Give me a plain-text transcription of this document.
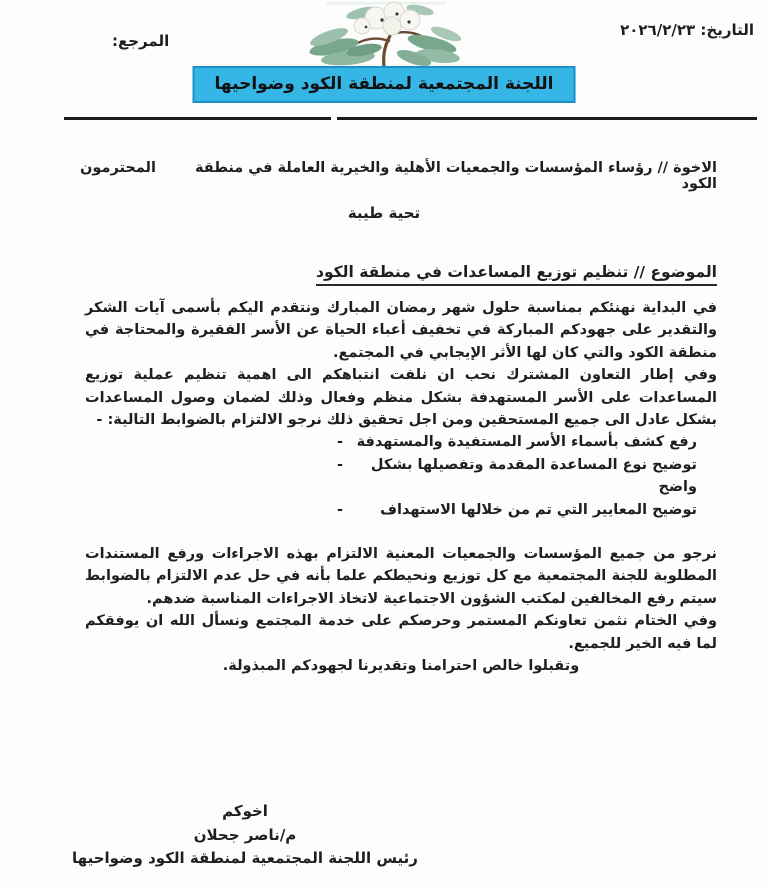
التاريخ: ٢٠٢٦/٢/٢٣
المرجع:
اللجنة المجتمعية لمنطقة الكود وضواحيها
الاخوة // رؤساء المؤسسات والجمعيات الأهلية والخيرية العاملة في منطقة الكود
المحترمون
تحية طيبة
الموضوع // تنظيم توزيع المساعدات في منطقة الكود

في البداية نهنئكم بمناسبة حلول شهر رمضان المبارك ونتقدم اليكم بأسمى آيات الشكر والتقدير على جهودكم المباركة في تخفيف أعباء الحياة عن الأسر الفقيرة والمحتاجة في منطقة الكود والتي كان لها الأثر الإيجابي في المجتمع.

وفي إطار التعاون المشترك نحب ان نلفت انتباهكم الى اهمية تنظيم عملية توزيع المساعدات على الأسر المستهدفة بشكل منظم وفعال وذلك لضمان وصول المساعدات بشكل عادل الى جميع المستحقين ومن اجل تحقيق ذلك نرجو الالتزام بالضوابط التالية: -

رفع كشف بأسماء الأسر المستفيدة والمستهدفة
-
توضيح نوع المساعدة المقدمة وتفصيلها بشكل واضح
-
توضيح المعايير التي تم من خلالها الاستهداف
-

نرجو من جميع المؤسسات والجمعيات المعنية الالتزام بهذه الاجراءات ورفع المستندات المطلوبة للجنة المجتمعية مع كل توزيع ونحيطكم علما بأنه في حل عدم الالتزام بالضوابط سيتم رفع المخالفين لمكتب الشؤون الاجتماعية لاتخاذ الاجراءات المناسبة ضدهم.

وفي الختام نثمن تعاونكم المستمر وحرصكم على خدمة المجتمع ونسأل الله ان يوفقكم لما فيه الخير للجميع.

وتقبلوا خالص احترامنا وتقديرنا لجهودكم المبذولة.

اخوكم
م/ناصر جحلان
رئيس اللجنة المجتمعية لمنطقة الكود وضواحيها
